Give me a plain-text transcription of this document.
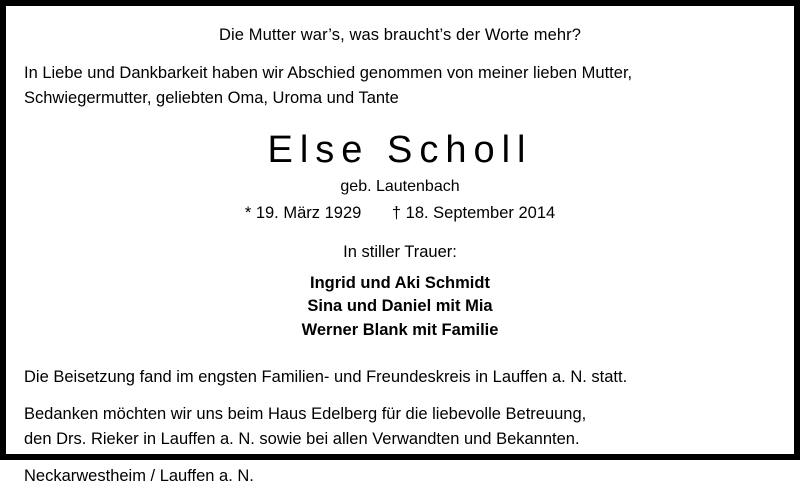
Die Mutter war’s, was braucht’s der Worte mehr?
In Liebe und Dankbarkeit haben wir Abschied genommen von meiner lieben Mutter,
Schwiegermutter, geliebten Oma, Uroma und Tante
Else Scholl
geb. Lautenbach
* 19. März 1929 † 18. September 2014
In stiller Trauer:
Ingrid und Aki Schmidt
Sina und Daniel mit Mia
Werner Blank mit Familie

Die Beisetzung fand im engsten Familien- und Freundeskreis in Lauffen a. N. statt.

Bedanken möchten wir uns beim Haus Edelberg für die liebevolle Betreuung,
den Drs. Rieker in Lauffen a. N. sowie bei allen Verwandten und Bekannten.

Neckarwestheim / Lauffen a. N.
